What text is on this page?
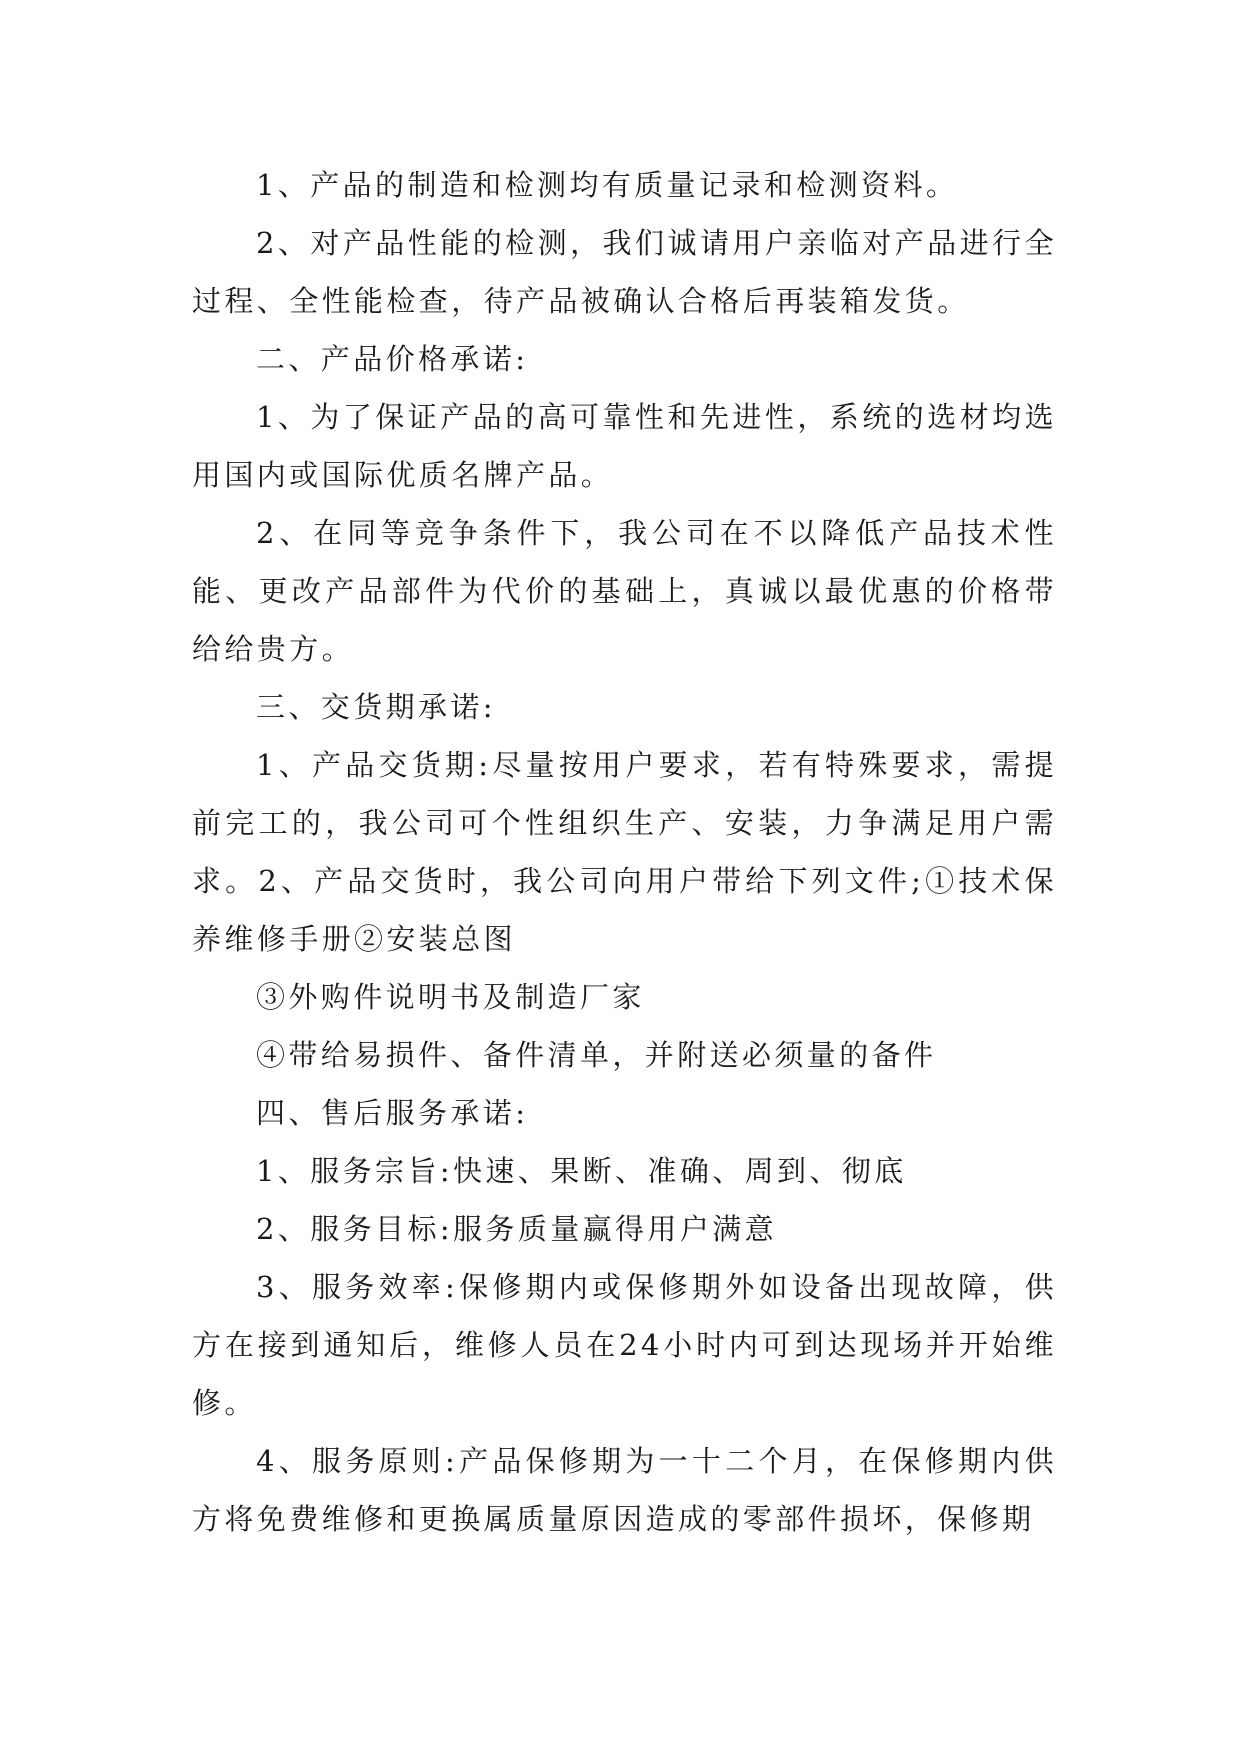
1、产品的制造和检测均有质量记录和检测资料。

2、对产品性能的检测，我们诚请用户亲临对产品进行全过程、全性能检查，待产品被确认合格后再装箱发货。

二、产品价格承诺:

1、为了保证产品的高可靠性和先进性，系统的选材均选用国内或国际优质名牌产品。

2、在同等竞争条件下，我公司在不以降低产品技术性能、更改产品部件为代价的基础上，真诚以最优惠的价格带给给贵方。

三、交货期承诺:

1、产品交货期:尽量按用户要求，若有特殊要求，需提前完工的，我公司可个性组织生产、安装，力争满足用户需求。2、产品交货时，我公司向用户带给下列文件;①技术保养维修手册②安装总图

③外购件说明书及制造厂家

④带给易损件、备件清单，并附送必须量的备件

四、售后服务承诺:

1、服务宗旨:快速、果断、准确、周到、彻底

2、服务目标:服务质量赢得用户满意

3、服务效率:保修期内或保修期外如设备出现故障，供方在接到通知后，维修人员在24小时内可到达现场并开始维修。

4、服务原则:产品保修期为一十二个月，在保修期内供方将免费维修和更换属质量原因造成的零部件损坏，保修期
